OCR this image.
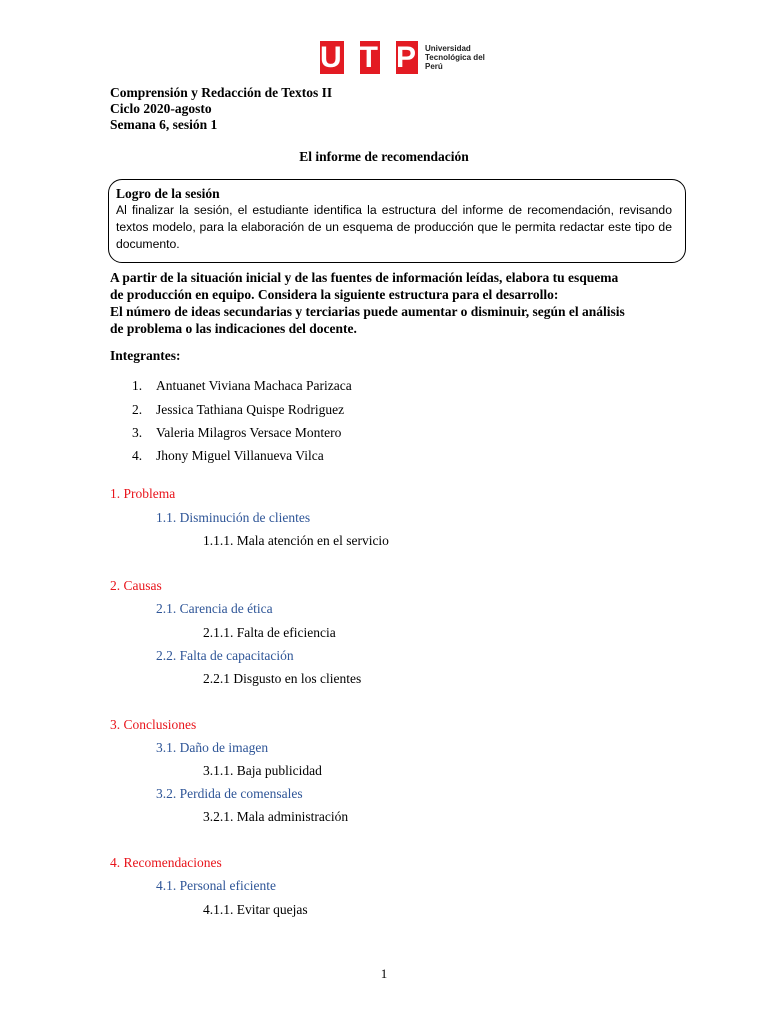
U T P Universidad Tecnológica del Perú
Comprensión y Redacción de Textos II
Ciclo 2020-agosto
Semana 6, sesión 1
El informe de recomendación
Logro de la sesión
Al finalizar la sesión, el estudiante identifica la estructura del informe de recomendación, revisando textos modelo, para la elaboración de un esquema de producción que le permita redactar este tipo de documento.
A partir de la situación inicial y de las fuentes de información leídas, elabora tu esquema
de producción en equipo. Considera la siguiente estructura para el desarrollo:
El número de ideas secundarias y terciarias puede aumentar o disminuir, según el análisis
de problema o las indicaciones del docente.
Integrantes:
1. Antuanet Viviana Machaca Parizaca
2. Jessica Tathiana Quispe Rodriguez
3. Valeria Milagros Versace Montero
4. Jhony Miguel Villanueva Vilca
1. Problema
1.1. Disminución de clientes
1.1.1. Mala atención en el servicio
2. Causas
2.1. Carencia de ética
2.1.1. Falta de eficiencia
2.2. Falta de capacitación
2.2.1 Disgusto en los clientes
3. Conclusiones
3.1. Daño de imagen
3.1.1. Baja publicidad
3.2. Perdida de comensales
3.2.1. Mala administración
4. Recomendaciones
4.1. Personal eficiente
4.1.1. Evitar quejas
1
